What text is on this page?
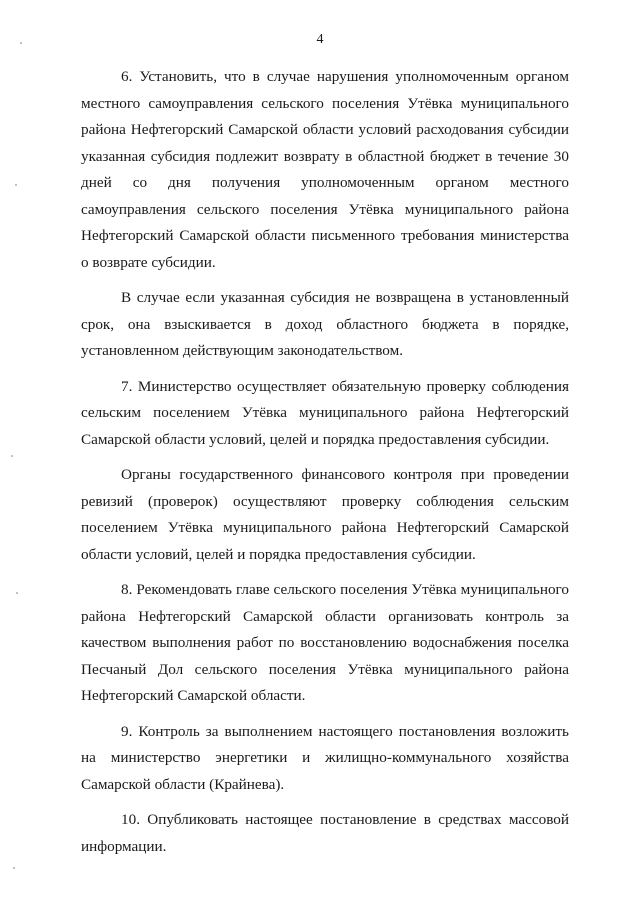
4

6. Установить, что в случае нарушения уполномоченным органом местного самоуправления сельского поселения Утёвка муниципального района Нефтегорский Самарской области условий расходования субсидии указанная субсидия подлежит возврату в областной бюджет в течение 30 дней со дня получения уполномоченным органом местного самоуправления сельского поселения Утёвка муниципального района Нефтегорский Самарской области письменного требования министерства о возврате субсидии.

В случае если указанная субсидия не возвращена в установленный срок, она взыскивается в доход областного бюджета в порядке, установленном действующим законодательством.

7. Министерство осуществляет обязательную проверку соблюдения сельским поселением Утёвка муниципального района Нефтегорский Самарской области условий, целей и порядка предоставления субсидии.

Органы государственного финансового контроля при проведении ревизий (проверок) осуществляют проверку соблюдения сельским поселением Утёвка муниципального района Нефтегорский Самарской области условий, целей и порядка предоставления субсидии.

8. Рекомендовать главе сельского поселения Утёвка муниципального района Нефтегорский Самарской области организовать контроль за качеством выполнения работ по восстановлению водоснабжения поселка Песчаный Дол сельского поселения Утёвка муниципального района Нефтегорский Самарской области.

9. Контроль за выполнением настоящего постановления возложить на министерство энергетики и жилищно-коммунального хозяйства Самарской области (Крайнева).

10. Опубликовать настоящее постановление в средствах массовой информации.
